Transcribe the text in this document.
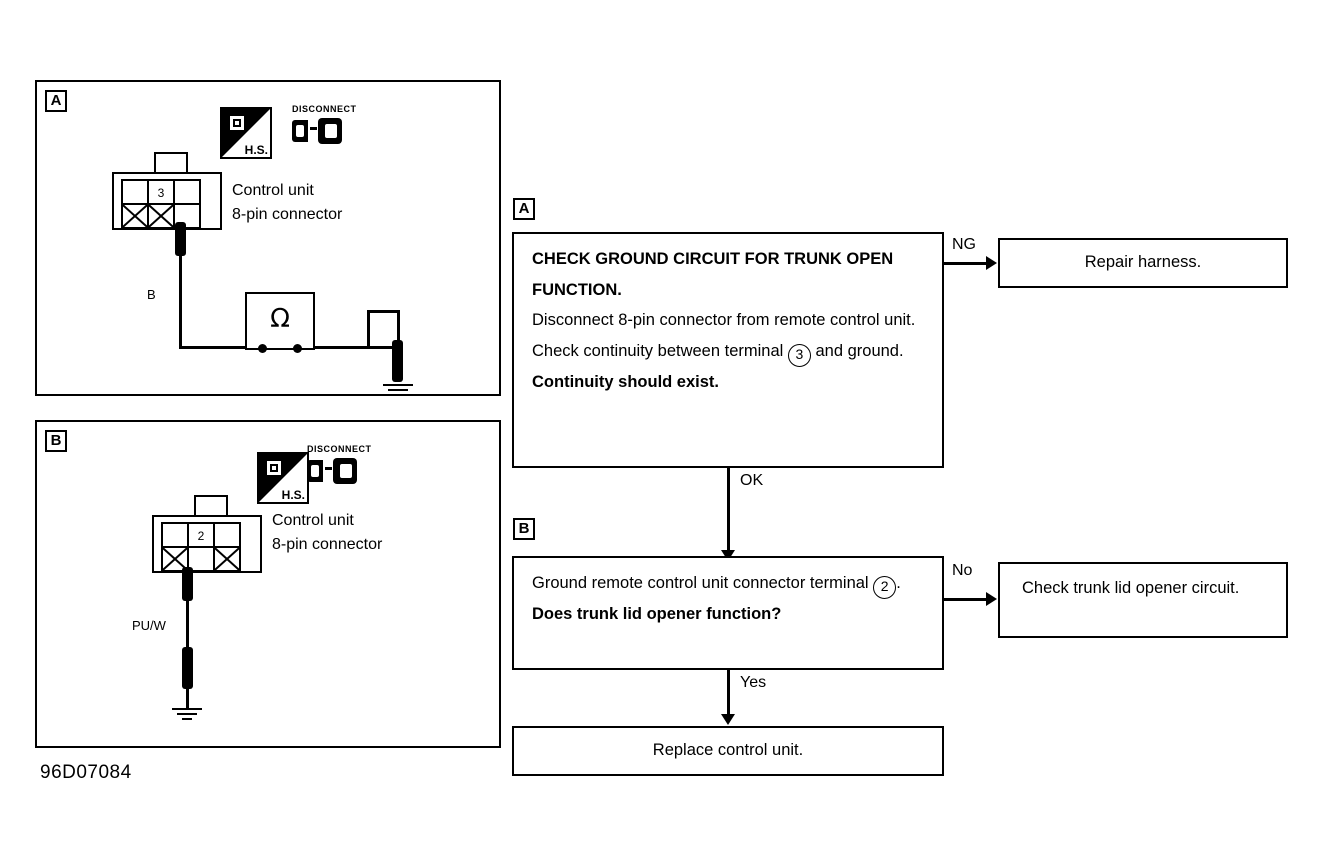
A
H.S.
DISCONNECT
3	Control unit
8-pin connector
B
Ω
B
H.S.
DISCONNECT
2
Control unit
8-pin connector
PU/W
96D07084
A
CHECK GROUND CIRCUIT FOR TRUNK OPEN FUNCTION.
Disconnect 8-pin connector from remote control unit.
Check continuity between terminal 3 and ground.
Continuity should exist.
NG
Repair harness.
OK
B
Ground remote control unit connector terminal 2 .
Does trunk lid opener function?
No
Check trunk lid opener circuit.
Yes
Replace control unit.
